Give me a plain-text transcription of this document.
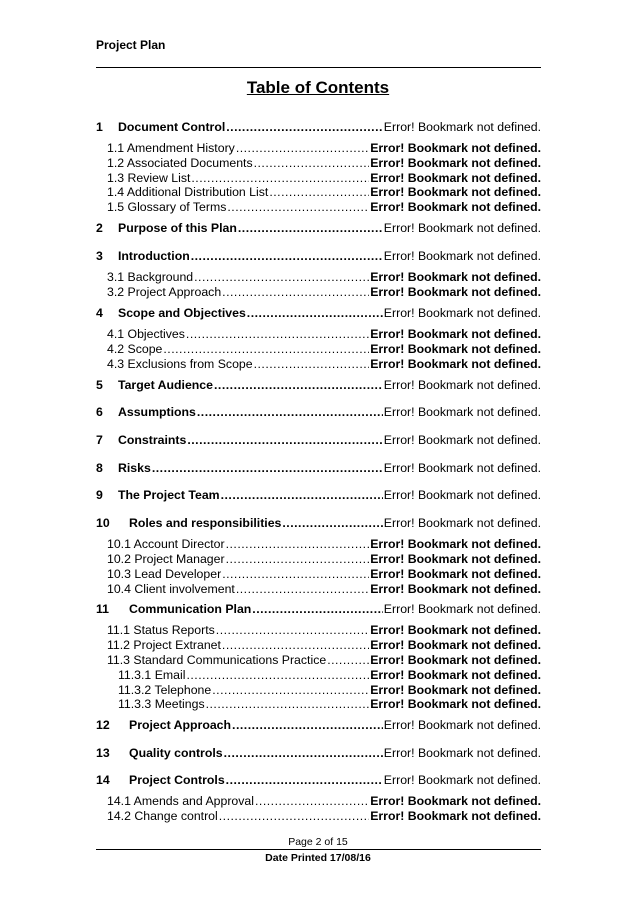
Project Plan
Table of Contents
1 Document Control .....	Error! Bookmark not defined.
1.1 Amendment History .....	Error! Bookmark not defined.
1.2 Associated Documents .....	Error! Bookmark not defined.
1.3 Review List .....	Error! Bookmark not defined.
1.4 Additional Distribution List .....	Error! Bookmark not defined.
1.5 Glossary of Terms .....	Error! Bookmark not defined.
2 Purpose of this Plan .....	Error! Bookmark not defined.
3 Introduction .....	Error! Bookmark not defined.
3.1 Background .....	Error! Bookmark not defined.
3.2 Project Approach .....	Error! Bookmark not defined.
4 Scope and Objectives .....	Error! Bookmark not defined.
4.1 Objectives .....	Error! Bookmark not defined.
4.2 Scope .....	Error! Bookmark not defined.
4.3 Exclusions from Scope .....	Error! Bookmark not defined.
5 Target Audience .....	Error! Bookmark not defined.
6 Assumptions .....	Error! Bookmark not defined.
7 Constraints .....	Error! Bookmark not defined.
8 Risks .....	Error! Bookmark not defined.
9 The Project Team .....	Error! Bookmark not defined.
10 Roles and responsibilities .....	Error! Bookmark not defined.
10.1 Account Director .....	Error! Bookmark not defined.
10.2 Project Manager .....	Error! Bookmark not defined.
10.3 Lead Developer .....	Error! Bookmark not defined.
10.4 Client involvement .....	Error! Bookmark not defined.
11 Communication Plan .....	Error! Bookmark not defined.
11.1 Status Reports .....	Error! Bookmark not defined.
11.2 Project Extranet .....	Error! Bookmark not defined.
11.3 Standard Communications Practice .....	Error! Bookmark not defined.
11.3.1 Email .....	Error! Bookmark not defined.
11.3.2 Telephone .....	Error! Bookmark not defined.
11.3.3 Meetings .....	Error! Bookmark not defined.
12 Project Approach .....	Error! Bookmark not defined.
13 Quality controls .....	Error! Bookmark not defined.
14 Project Controls .....	Error! Bookmark not defined.
14.1 Amends and Approval .....	Error! Bookmark not defined.
14.2 Change control .....	Error! Bookmark not defined.
Page 2 of 15
Date Printed 17/08/16
